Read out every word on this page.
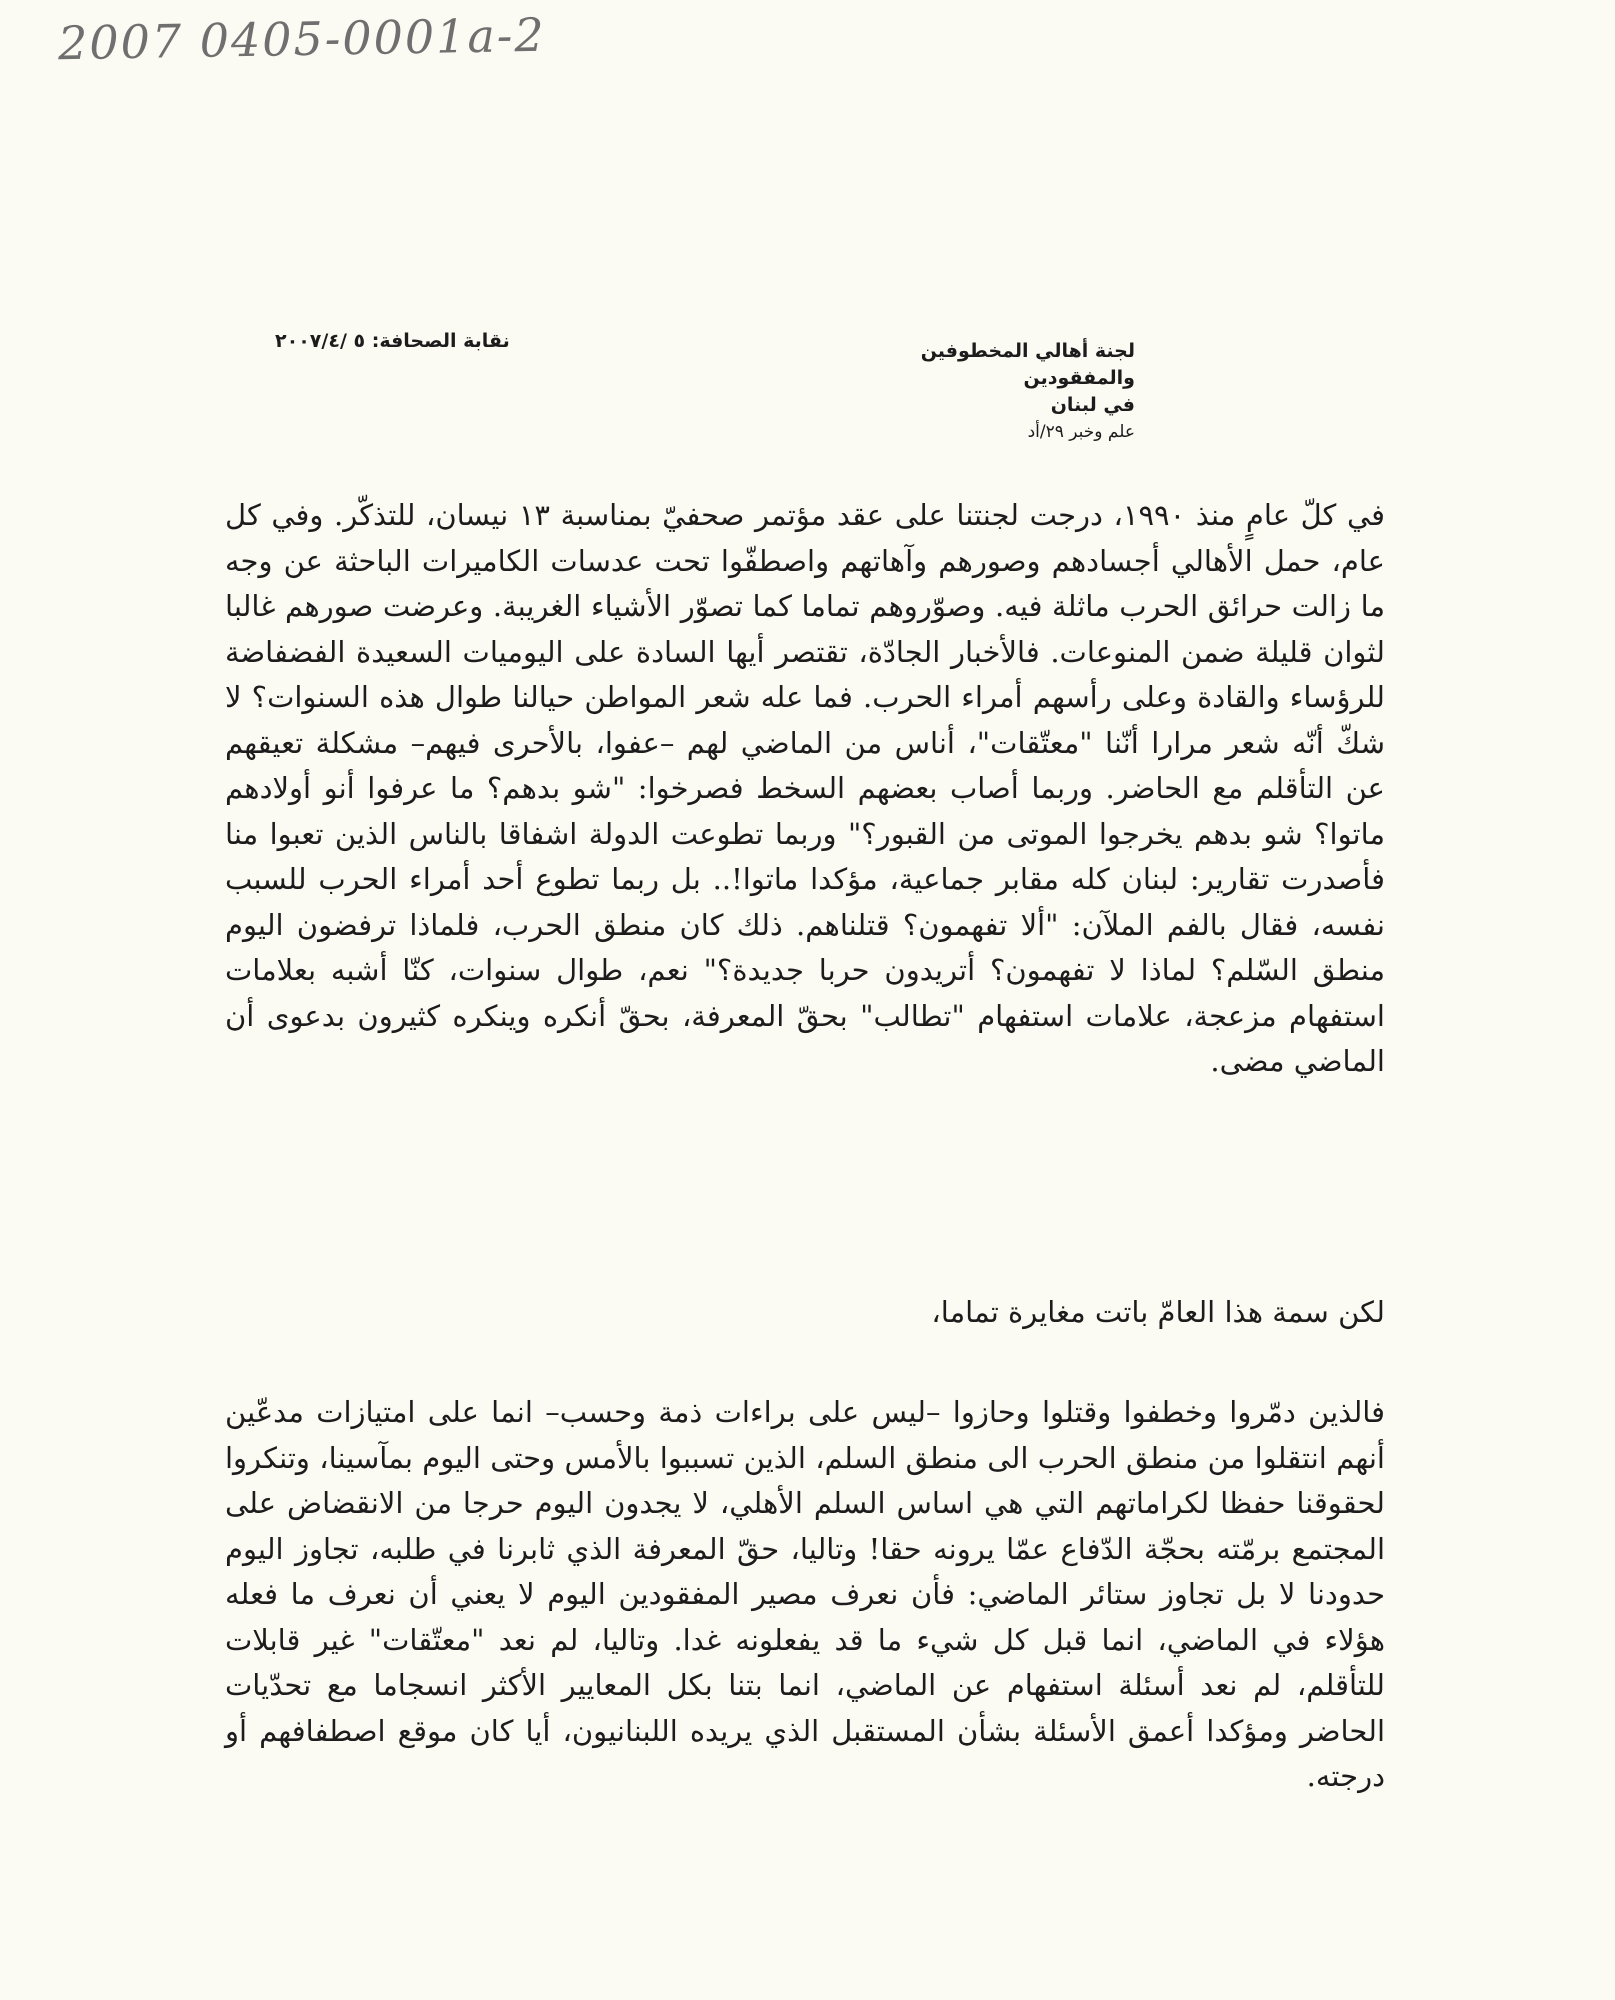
2007 0405-0001a-2
نقابة الصحافة: ٥ /٢٠٠٧/٤	لجنة أهالي المخطوفين والمفقودين
في لبنان
علم وخبر ٢٩/أد
في كلّ عامٍ منذ ١٩٩٠، درجت لجنتنا على عقد مؤتمر صحفيّ بمناسبة ١٣ نيسان، للتذكّر. وفي كل عام، حمل الأهالي أجسادهم وصورهم وآهاتهم واصطفّوا تحت عدسات الكاميرات الباحثة عن وجه ما زالت حرائق الحرب ماثلة فيه. وصوّروهم تماما كما تصوّر الأشياء الغريبة. وعرضت صورهم غالبا لثوان قليلة ضمن المنوعات. فالأخبار الجادّة، تقتصر أيها السادة على اليوميات السعيدة الفضفاضة للرؤساء والقادة وعلى رأسهم أمراء الحرب. فما عله شعر المواطن حيالنا طوال هذه السنوات؟ لا شكّ أنّه شعر مرارا أنّنا "معتّقات"، أناس من الماضي لهم –عفوا، بالأحرى فيهم– مشكلة تعيقهم عن التأقلم مع الحاضر. وربما أصاب بعضهم السخط فصرخوا: "شو بدهم؟ ما عرفوا أنو أولادهم ماتوا؟ شو بدهم يخرجوا الموتى من القبور؟" وربما تطوعت الدولة اشفاقا بالناس الذين تعبوا منا فأصدرت تقارير: لبنان كله مقابر جماعية، مؤكدا ماتوا!.. بل ربما تطوع أحد أمراء الحرب للسبب نفسه، فقال بالفم الملآن: "ألا تفهمون؟ قتلناهم. ذلك كان منطق الحرب، فلماذا ترفضون اليوم منطق السّلم؟ لماذا لا تفهمون؟ أتريدون حربا جديدة؟" نعم، طوال سنوات، كنّا أشبه بعلامات استفهام مزعجة، علامات استفهام "تطالب" بحقّ المعرفة، بحقّ أنكره وينكره كثيرون بدعوى أن الماضي مضى.
لكن سمة هذا العامّ باتت مغايرة تماما،
فالذين دمّروا وخطفوا وقتلوا وحازوا –ليس على براءات ذمة وحسب– انما على امتيازات مدعّين أنهم انتقلوا من منطق الحرب الى منطق السلم، الذين تسببوا بالأمس وحتى اليوم بمآسينا، وتنكروا لحقوقنا حفظا لكراماتهم التي هي اساس السلم الأهلي، لا يجدون اليوم حرجا من الانقضاض على المجتمع برمّته بحجّة الدّفاع عمّا يرونه حقا! وتاليا، حقّ المعرفة الذي ثابرنا في طلبه، تجاوز اليوم حدودنا لا بل تجاوز ستائر الماضي: فأن نعرف مصير المفقودين اليوم لا يعني أن نعرف ما فعله هؤلاء في الماضي، انما قبل كل شيء ما قد يفعلونه غدا. وتاليا، لم نعد "معتّقات" غير قابلات للتأقلم، لم نعد أسئلة استفهام عن الماضي، انما بتنا بكل المعايير الأكثر انسجاما مع تحدّيات الحاضر ومؤكدا أعمق الأسئلة بشأن المستقبل الذي يريده اللبنانيون، أيا كان موقع اصطفافهم أو درجته.
